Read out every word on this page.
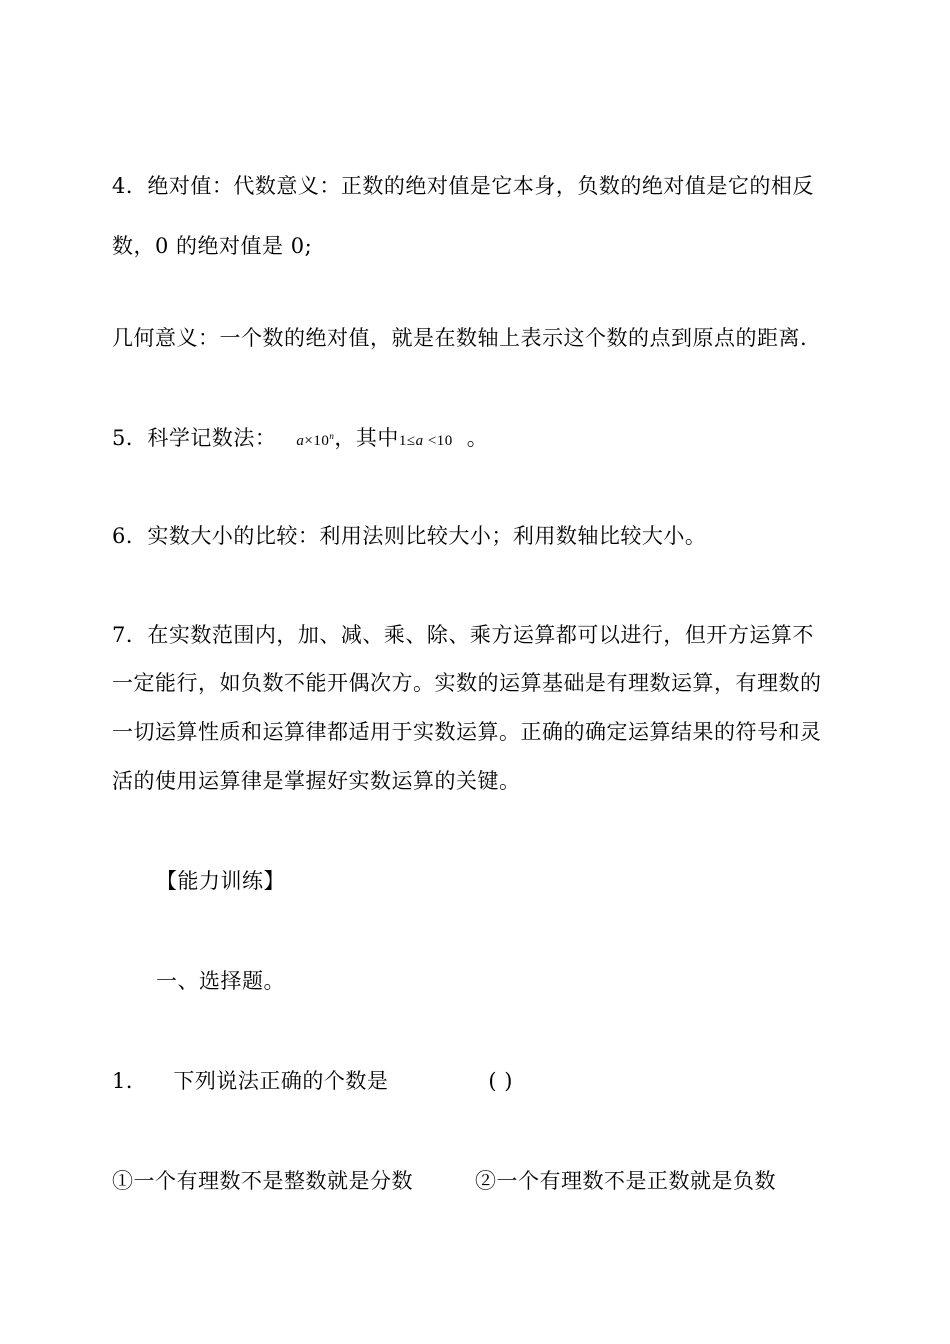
4．绝对值：代数意义：正数的绝对值是它本身，负数的绝对值是它的相反
数，0 的绝对值是 0;
几何意义：一个数的绝对值，就是在数轴上表示这个数的点到原点的距离.
5．科学记数法： $a\times 10^n$，其中1≤a <10 。
6．实数大小的比较：利用法则比较大小；利用数轴比较大小。
7．在实数范围内，加、减、乘、除、乘方运算都可以进行，但开方运算不
一定能行，如负数不能开偶次方。实数的运算基础是有理数运算，有理数的
一切运算性质和运算律都适用于实数运算。正确的确定运算结果的符号和灵
活的使用运算律是掌握好实数运算的关键。
【能力训练】
一、选择题。
1． 下列说法正确的个数是	( )
①一个有理数不是整数就是分数	②一个有理数不是正数就是负数
